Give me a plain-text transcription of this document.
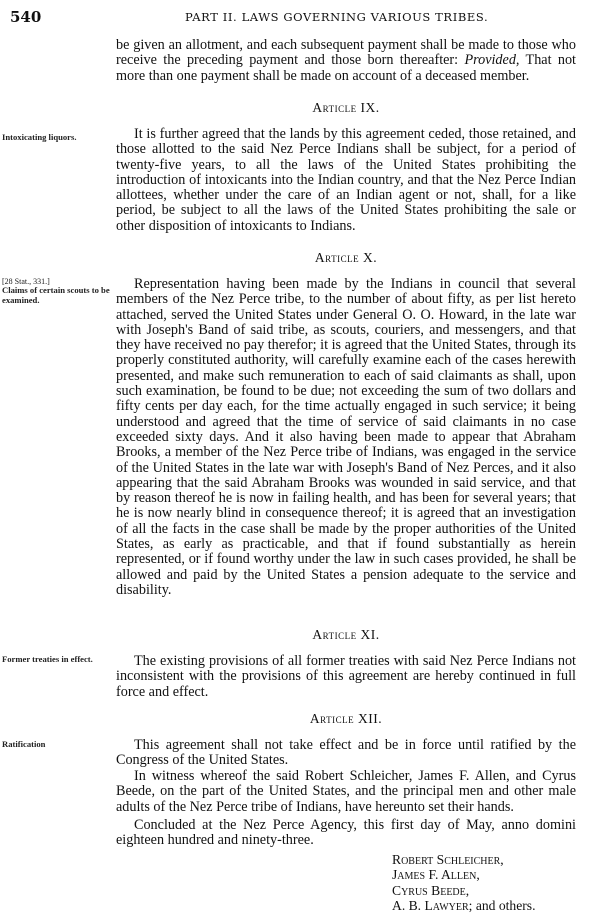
540	PART II. LAWS GOVERNING VARIOUS TRIBES.
be given an allotment, and each subsequent payment shall be made to those who receive the preceding payment and those born thereafter: Provided, That not more than one payment shall be made on account of a deceased member.
Article IX.
Intoxicating liquors.	It is further agreed that the lands by this agreement ceded, those retained, and those allotted to the said Nez Perce Indians shall be subject, for a period of twenty-five years, to all the laws of the United States prohibiting the introduction of intoxicants into the Indian country, and that the Nez Perce Indian allottees, whether under the care of an Indian agent or not, shall, for a like period, be subject to all the laws of the United States prohibiting the sale or other disposition of intoxicants to Indians.
Article X.
[28 Stat., 331.]
Claims of certain scouts to be examined.
Representation having been made by the Indians in council that several members of the Nez Perce tribe, to the number of about fifty, as per list hereto attached, served the United States under General O. O. Howard, in the late war with Joseph's Band of said tribe, as scouts, couriers, and messengers, and that they have received no pay therefor; it is agreed that the United States, through its properly constituted authority, will carefully examine each of the cases herewith presented, and make such remuneration to each of said claimants as shall, upon such examination, be found to be due; not exceeding the sum of two dollars and fifty cents per day each, for the time actually engaged in such service; it being understood and agreed that the time of service of said claimants in no case exceeded sixty days. And it also having been made to appear that Abraham Brooks, a member of the Nez Perce tribe of Indians, was engaged in the service of the United States in the late war with Joseph's Band of Nez Perces, and it also appearing that the said Abraham Brooks was wounded in said service, and that by reason thereof he is now in failing health, and has been for several years; that he is now nearly blind in consequence thereof; it is agreed that an investigation of all the facts in the case shall be made by the proper authorities of the United States, as early as practicable, and that if found substantially as herein represented, or if found worthy under the law in such cases provided, he shall be allowed and paid by the United States a pension adequate to the service and disability.
Article XI.
Former treaties in effect.	The existing provisions of all former treaties with said Nez Perce Indians not inconsistent with the provisions of this agreement are hereby continued in full force and effect.
Article XII.
Ratification	This agreement shall not take effect and be in force until ratified by the Congress of the United States.
In witness whereof the said Robert Schleicher, James F. Allen, and Cyrus Beede, on the part of the United States, and the principal men and other male adults of the Nez Perce tribe of Indians, have hereunto set their hands.
Concluded at the Nez Perce Agency, this first day of May, anno domini eighteen hundred and ninety-three.
Robert Schleicher,
James F. Allen,
Cyrus Beede,
A. B. Lawyer; and others.
